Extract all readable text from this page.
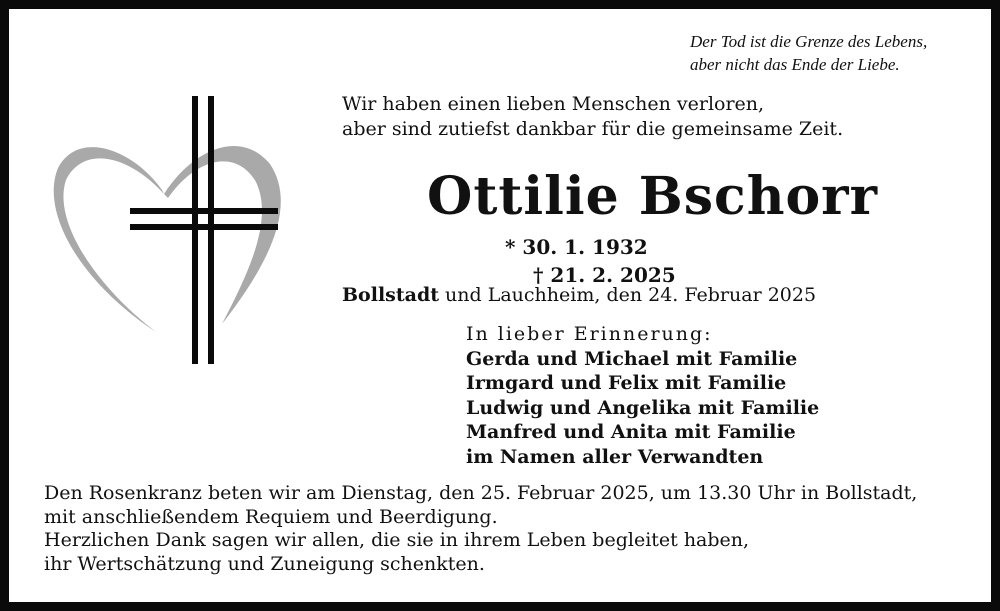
Der Tod ist die Grenze des Lebens,
aber nicht das Ende der Liebe.
Wir haben einen lieben Menschen verloren,
aber sind zutiefst dankbar für die gemeinsame Zeit.
Ottilie Bschorr
* 30. 1. 1932 † 21. 2. 2025
Bollstadt und Lauchheim, den 24. Februar 2025
In lieber Erinnerung:
Gerda und Michael mit Familie
Irmgard und Felix mit Familie
Ludwig und Angelika mit Familie
Manfred und Anita mit Familie
im Namen aller Verwandten
Den Rosenkranz beten wir am Dienstag, den 25. Februar 2025, um 13.30 Uhr in Bollstadt,
mit anschließendem Requiem und Beerdigung.
Herzlichen Dank sagen wir allen, die sie in ihrem Leben begleitet haben,
ihr Wertschätzung und Zuneigung schenkten.
